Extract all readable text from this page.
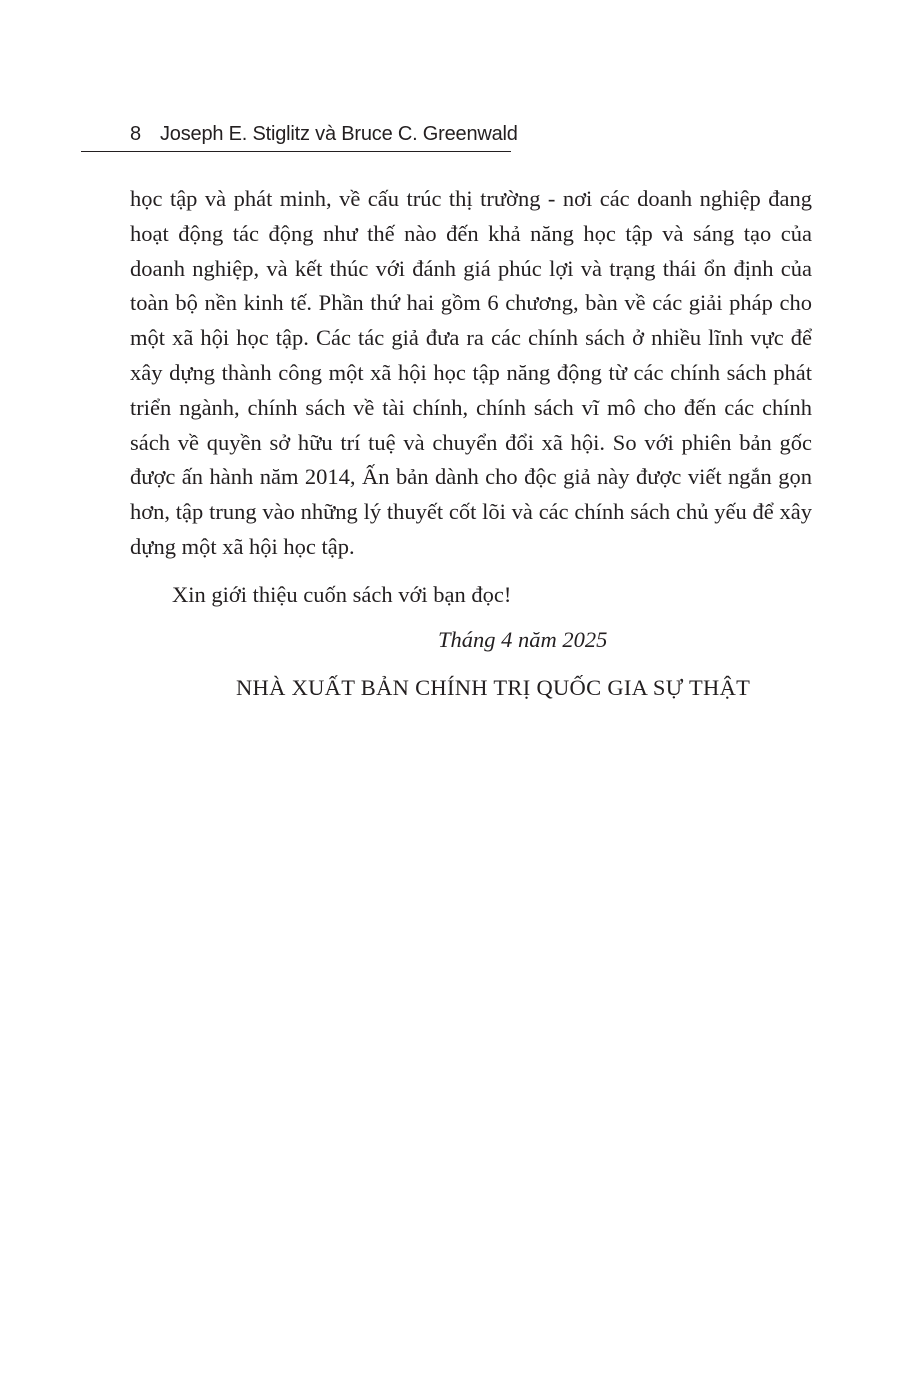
8 Joseph E. Stiglitz và Bruce C. Greenwald

học tập và phát minh, về cấu trúc thị trường - nơi các doanh nghiệp đang hoạt động tác động như thế nào đến khả năng học tập và sáng tạo của doanh nghiệp, và kết thúc với đánh giá phúc lợi và trạng thái ổn định của toàn bộ nền kinh tế. Phần thứ hai gồm 6 chương, bàn về các giải pháp cho một xã hội học tập. Các tác giả đưa ra các chính sách ở nhiều lĩnh vực để xây dựng thành công một xã hội học tập năng động từ các chính sách phát triển ngành, chính sách về tài chính, chính sách vĩ mô cho đến các chính sách về quyền sở hữu trí tuệ và chuyển đổi xã hội. So với phiên bản gốc được ấn hành năm 2014, Ấn bản dành cho độc giả này được viết ngắn gọn hơn, tập trung vào những lý thuyết cốt lõi và các chính sách chủ yếu để xây dựng một xã hội học tập.

Xin giới thiệu cuốn sách với bạn đọc!
Tháng 4 năm 2025
NHÀ XUẤT BẢN CHÍNH TRỊ QUỐC GIA SỰ THẬT
